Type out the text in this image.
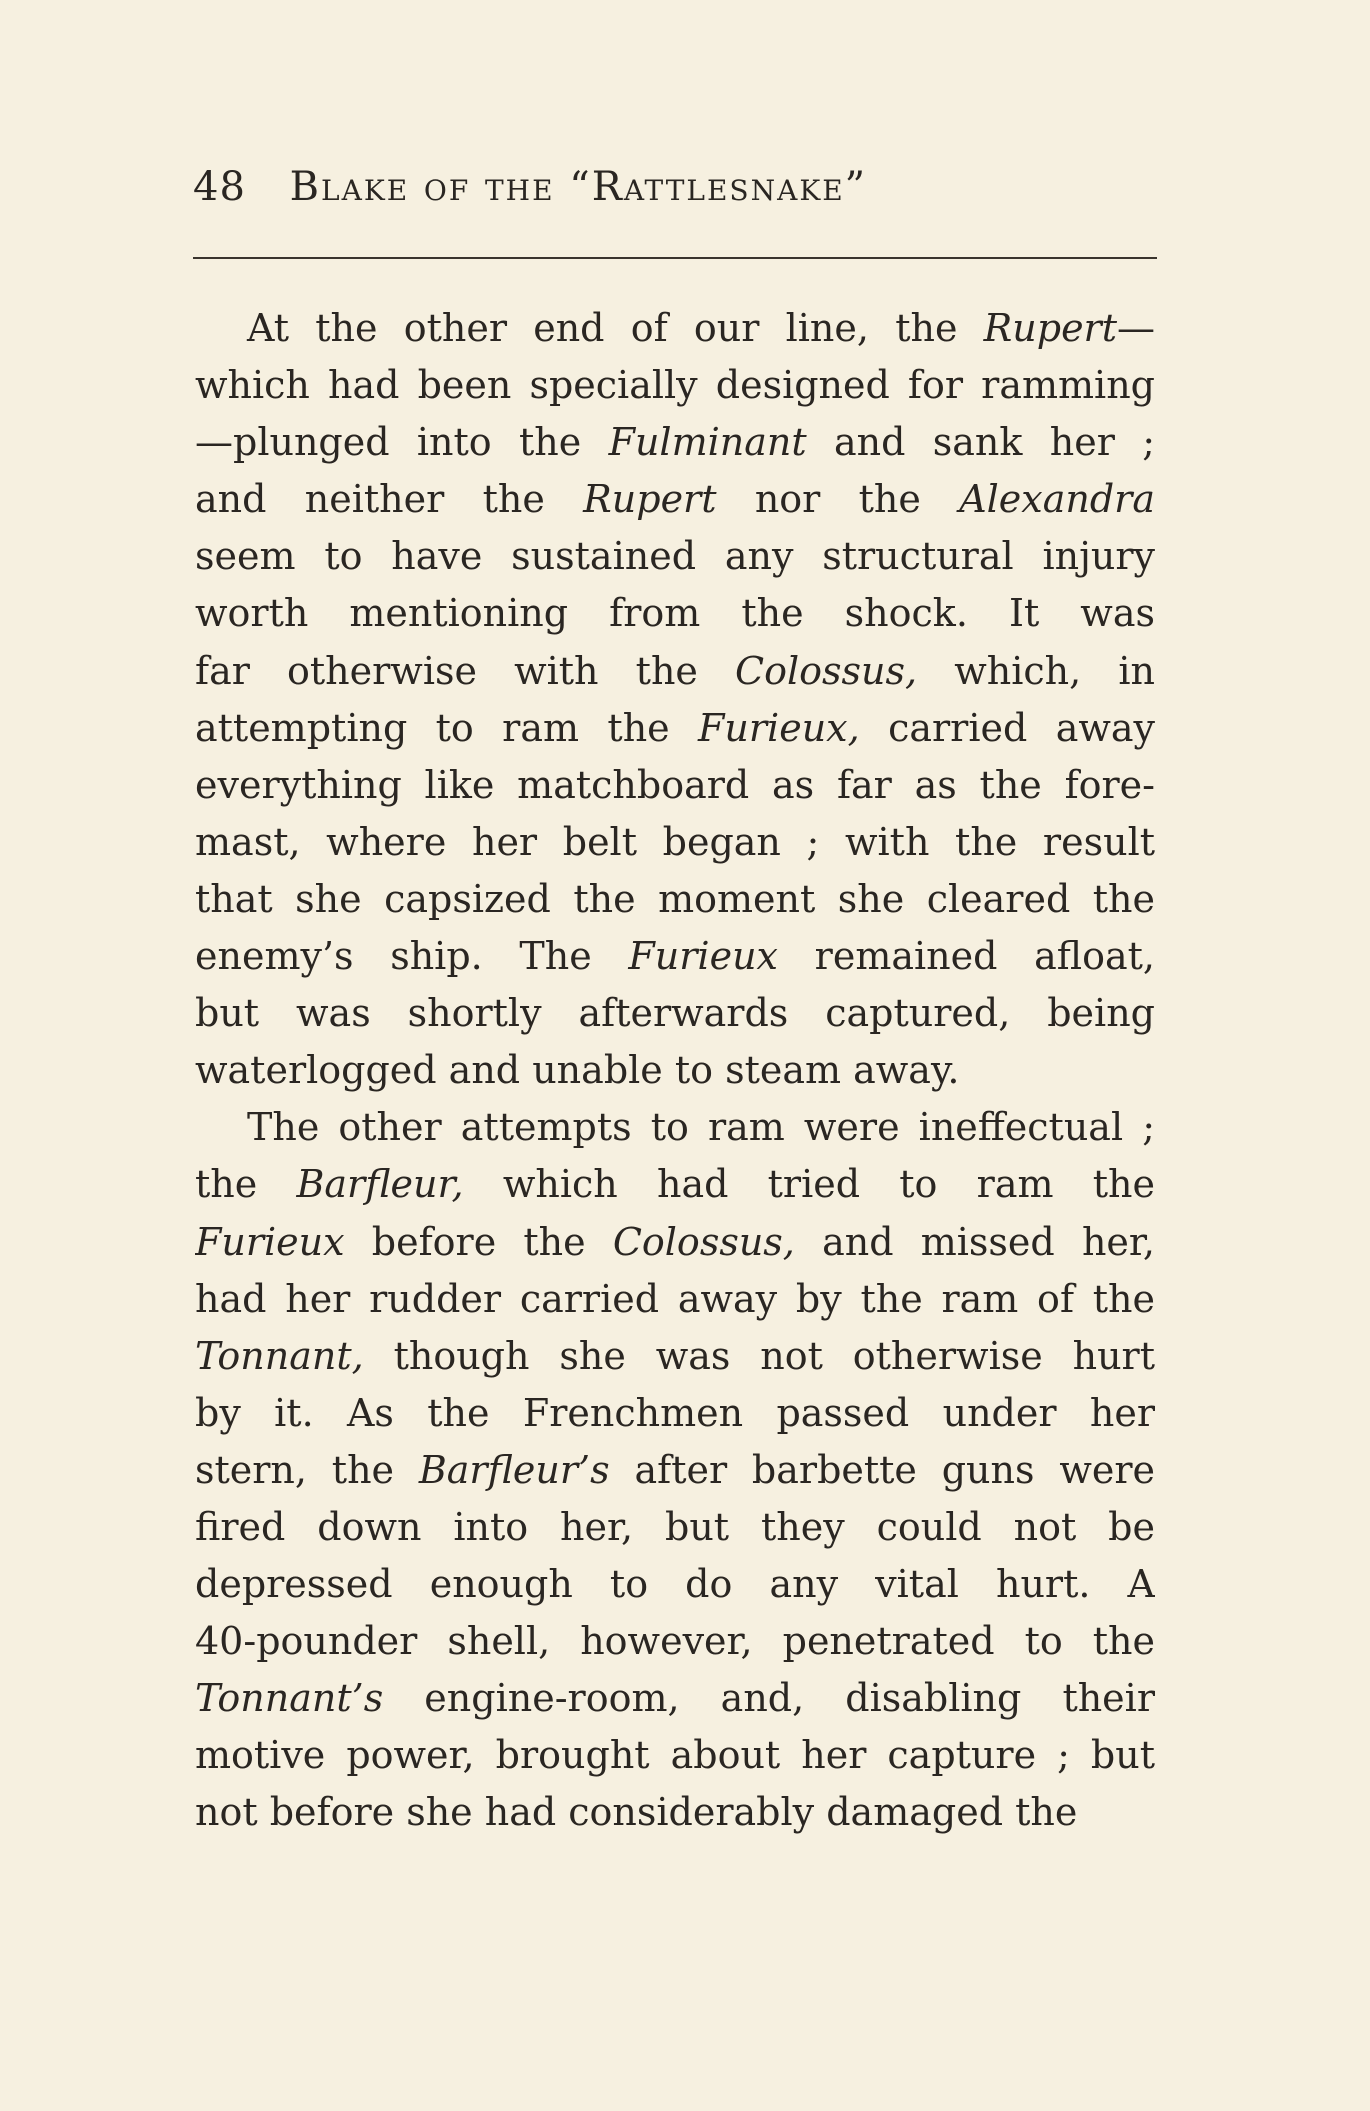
48 Blake of the “Rattlesnake”
At the other end of our line, the Rupert—
which had been specially designed for ramming
—plunged into the Fulminant and sank her ;
and neither the Rupert nor the Alexandra
seem to have sustained any structural injury
worth mentioning from the shock. It was
far otherwise with the Colossus, which, in
attempting to ram the Furieux, carried away
everything like matchboard as far as the fore-
mast, where her belt began ; with the result
that she capsized the moment she cleared the
enemy’s ship. The Furieux remained afloat,
but was shortly afterwards captured, being
waterlogged and unable to steam away.
The other attempts to ram were ineffectual ;
the Barfleur, which had tried to ram the
Furieux before the Colossus, and missed her,
had her rudder carried away by the ram of the
Tonnant, though she was not otherwise hurt
by it. As the Frenchmen passed under her
stern, the Barfleur’s after barbette guns were
fired down into her, but they could not be
depressed enough to do any vital hurt. A
40-pounder shell, however, penetrated to the
Tonnant’s engine-room, and, disabling their
motive power, brought about her capture ; but
not before she had considerably damaged the
